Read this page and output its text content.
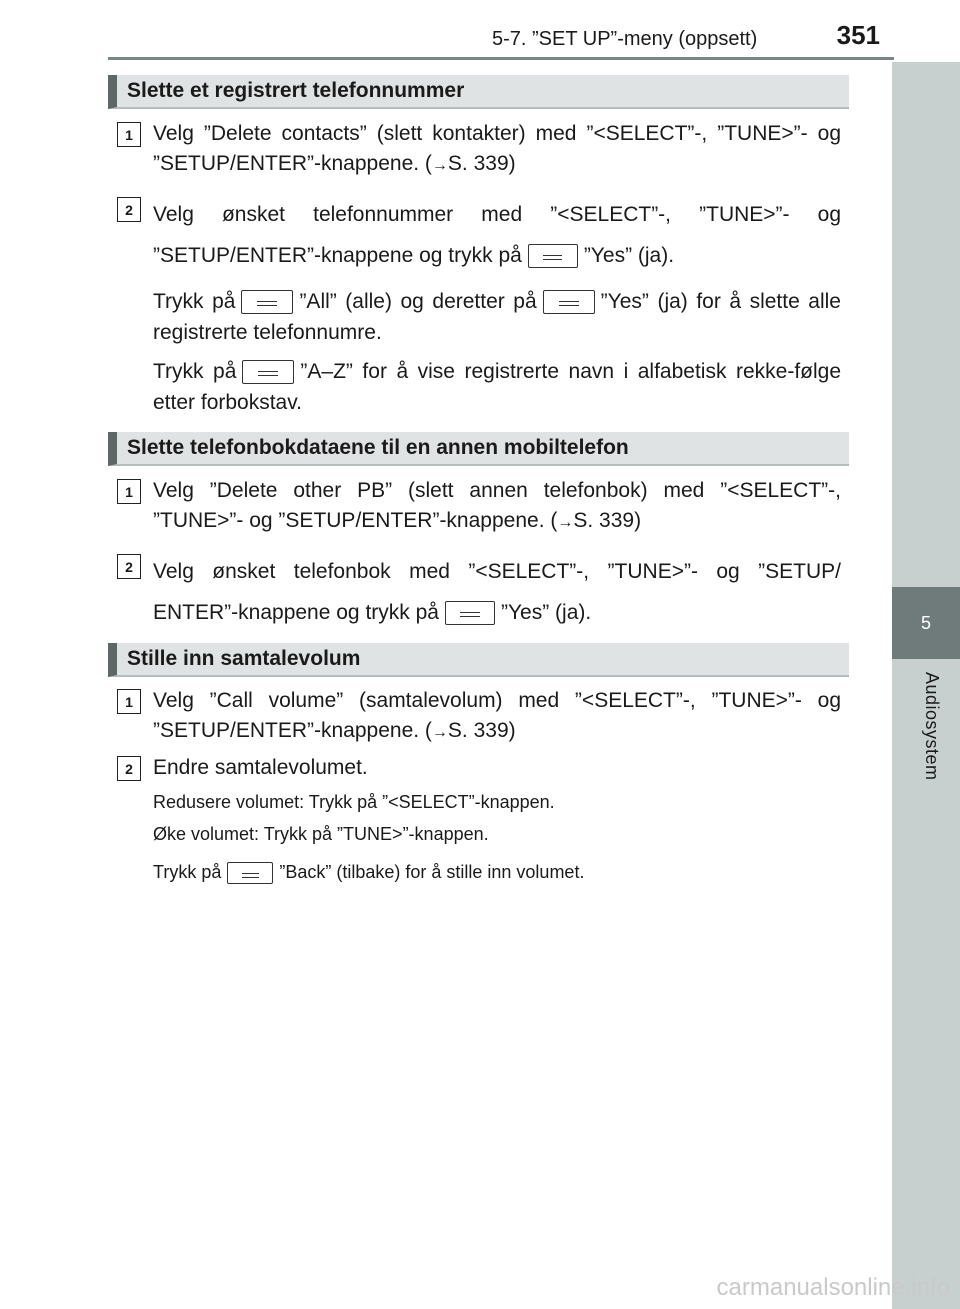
5-7. ”SET UP”-meny (oppsett)	351
5
Audiosystem
Slette et registrert telefonnummer
1 Velg ”Delete contacts” (slett kontakter) med ”<SELECT”-, ”TUNE>”- og ”SETUP/ENTER”-knappene. (→S. 339)
2 Velg ønsket telefonnummer med ”<SELECT”-, ”TUNE>”- og ”SETUP/ENTER”-knappene og trykk på	”Yes” (ja).
Trykk på	”All” (alle) og deretter på	”Yes” (ja) for å slette alle registrerte telefonnumre.
Trykk på	”A–Z” for å vise registrerte navn i alfabetisk rekke-følge etter forbokstav.
Slette telefonbokdataene til en annen mobiltelefon
1 Velg ”Delete other PB” (slett annen telefonbok) med ”<SELECT”-, ”TUNE>”- og ”SETUP/ENTER”-knappene. (→S. 339)
2 Velg ønsket telefonbok med ”<SELECT”-, ”TUNE>”- og ”SETUP/ ENTER”-knappene og trykk på	”Yes” (ja).
Stille inn samtalevolum
1 Velg ”Call volume” (samtalevolum) med ”<SELECT”-, ”TUNE>”- og ”SETUP/ENTER”-knappene. (→S. 339)
2 Endre samtalevolumet.
Redusere volumet: Trykk på ”<SELECT”-knappen.
Øke volumet: Trykk på ”TUNE>”-knappen.
Trykk på	”Back” (tilbake) for å stille inn volumet.
carmanualsonline.info
